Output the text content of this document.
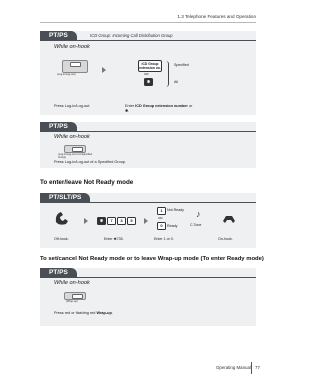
1.3 Telephone Features and Operation
PT/PS	ICD Group: Incoming Call Distribution Group
While on-hook
(Log-in/Log-out)
ICD Group extension no.
OR
✱
Specified
All
Press Log-in/Log-out.	Enter ICD Group extension number or ✱.
PT/PS
While on-hook
(Log-in/Log-out of a Specified Group)
Press Log-in/Log-out of a Specified Group.
To enter/leave Not Ready mode
PT/SLT/PS
✱	7	3	5
1	Not Ready
OR
0	Ready
♪
C.Tone
Off-hook.	Enter ✱735.	Enter 1 or 0.	On-hook.
To set/cancel Not Ready mode or to leave Wrap-up mode (To enter Ready mode)
PT/PS
While on-hook
(Wrap-up)
Press red or flashing red Wrap-up.
Operating Manual 77
